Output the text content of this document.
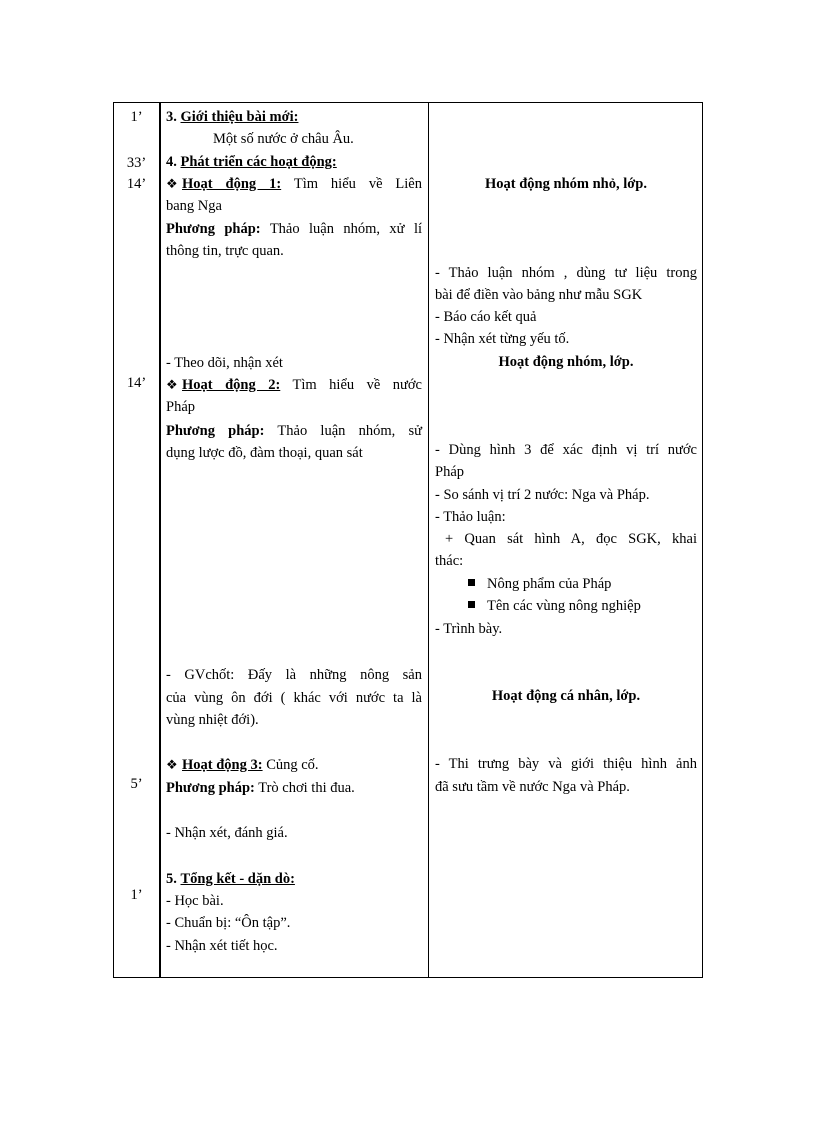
1’
33’
14’
14’
5’
1’
3. Giới thiệu bài mới:
Một số nước ở châu Âu.
4. Phát triển các hoạt động:
❖ Hoạt động 1: Tìm hiểu về Liên
bang Nga
Phương pháp: Thảo luận nhóm, xử lí
thông tin, trực quan.
- Theo dõi, nhận xét
❖ Hoạt động 2: Tìm hiểu về nước
Pháp
Phương pháp: Thảo luận nhóm, sử
dụng lược đồ, đàm thoại, quan sát
- GVchốt: Đấy là những nông sản
của vùng ôn đới ( khác với nước ta là
vùng nhiệt đới).
❖ Hoạt động 3: Củng cố.
Phương pháp: Trò chơi thi đua.
- Nhận xét, đánh giá.
5. Tổng kết - dặn dò:
- Học bài.
- Chuẩn bị: “Ôn tập”.
- Nhận xét tiết học.
Hoạt động nhóm nhỏ, lớp.
- Thảo luận nhóm , dùng tư liệu trong
bài để điền vào bảng như mẫu SGK
- Báo cáo kết quả
- Nhận xét từng yếu tố.
Hoạt động nhóm, lớp.
- Dùng hình 3 để xác định vị trí nước
Pháp
- So sánh vị trí 2 nước: Nga và Pháp.
- Thảo luận:
+ Quan sát hình A, đọc SGK, khai
thác:
Nông phẩm của Pháp
Tên các vùng nông nghiệp
- Trình bày.
Hoạt động cá nhân, lớp.
- Thi trưng bày và giới thiệu hình ảnh
đã sưu tầm về nước Nga và Pháp.
